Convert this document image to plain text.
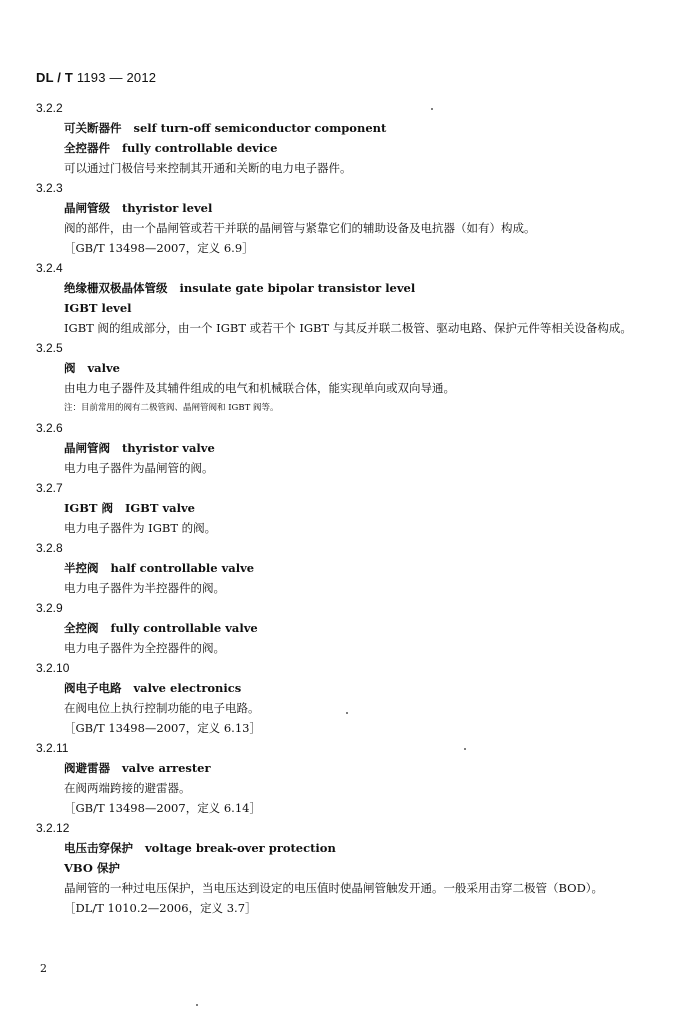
DL / T 1193 — 2012
3.2.2
可关断器件 self turn-off semiconductor component
全控器件 fully controllable device
可以通过门极信号来控制其开通和关断的电力电子器件。
3.2.3
晶闸管级 thyristor level
阀的部件，由一个晶闸管或若干并联的晶闸管与紧靠它们的辅助设备及电抗器（如有）构成。
［GB/T 13498—2007，定义 6.9］
3.2.4
绝缘栅双极晶体管级 insulate gate bipolar transistor level
IGBT level
IGBT 阀的组成部分，由一个 IGBT 或若干个 IGBT 与其反并联二极管、驱动电路、保护元件等相关设备构成。
3.2.5
阀 valve
由电力电子器件及其辅件组成的电气和机械联合体，能实现单向或双向导通。
注：目前常用的阀有二极管阀、晶闸管阀和 IGBT 阀等。
3.2.6
晶闸管阀 thyristor valve
电力电子器件为晶闸管的阀。
3.2.7
IGBT 阀 IGBT valve
电力电子器件为 IGBT 的阀。
3.2.8
半控阀 half controllable valve
电力电子器件为半控器件的阀。
3.2.9
全控阀 fully controllable valve
电力电子器件为全控器件的阀。
3.2.10
阀电子电路 valve electronics
在阀电位上执行控制功能的电子电路。
［GB/T 13498—2007，定义 6.13］
3.2.11
阀避雷器 valve arrester
在阀两端跨接的避雷器。
［GB/T 13498—2007，定义 6.14］
3.2.12
电压击穿保护 voltage break-over protection
VBO 保护
晶闸管的一种过电压保护，当电压达到设定的电压值时使晶闸管触发开通。一般采用击穿二极管（BOD）。
［DL/T 1010.2—2006，定义 3.7］
2
